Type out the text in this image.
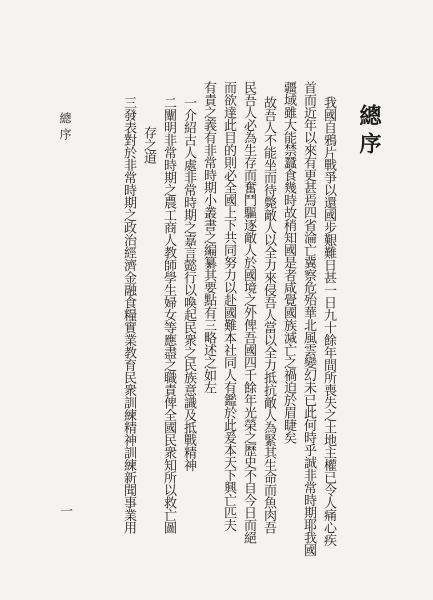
總序
我國自鴉片戰爭以還國步艱難日甚一日九十餘年間所喪失之土地主權已令人痛心疾
首而近年以來有更甚焉四省淪亡冀察危殆華北風雲變幻未已此何時乎誠非常時期耶我國
疆域雖大能禁蠶食幾時故稍知國是者咸覺國族滅亡之禍迫於眉睫矣
故吾人不能坐而待斃敵人以全力來侵吾人當以全力抵抗敵人為緊其生命而魚肉吾
民吾人必為生存而奮鬥驅逐敵人於國境之外俾吾國四千餘年光榮之歷史不自今日而絕
而欲達此目的則必全國上下共同努力以赴國難本社同人有鑑於此爰本天下興亡匹夫
有責之義有非常時期小叢書之編纂其要點有三略述之如左
一介紹古人處非常時期之嘉言懿行以喚起民衆之民族意識及抵戰精神
二闡明非常時期之農工商人教師學生婦女等應盡之職責俾全國民衆知所以救亡圖
存之道
三發表對於非常時期之政治經濟金融食糧實業教育民衆訓練精神訓練新聞事業用
總序
一
